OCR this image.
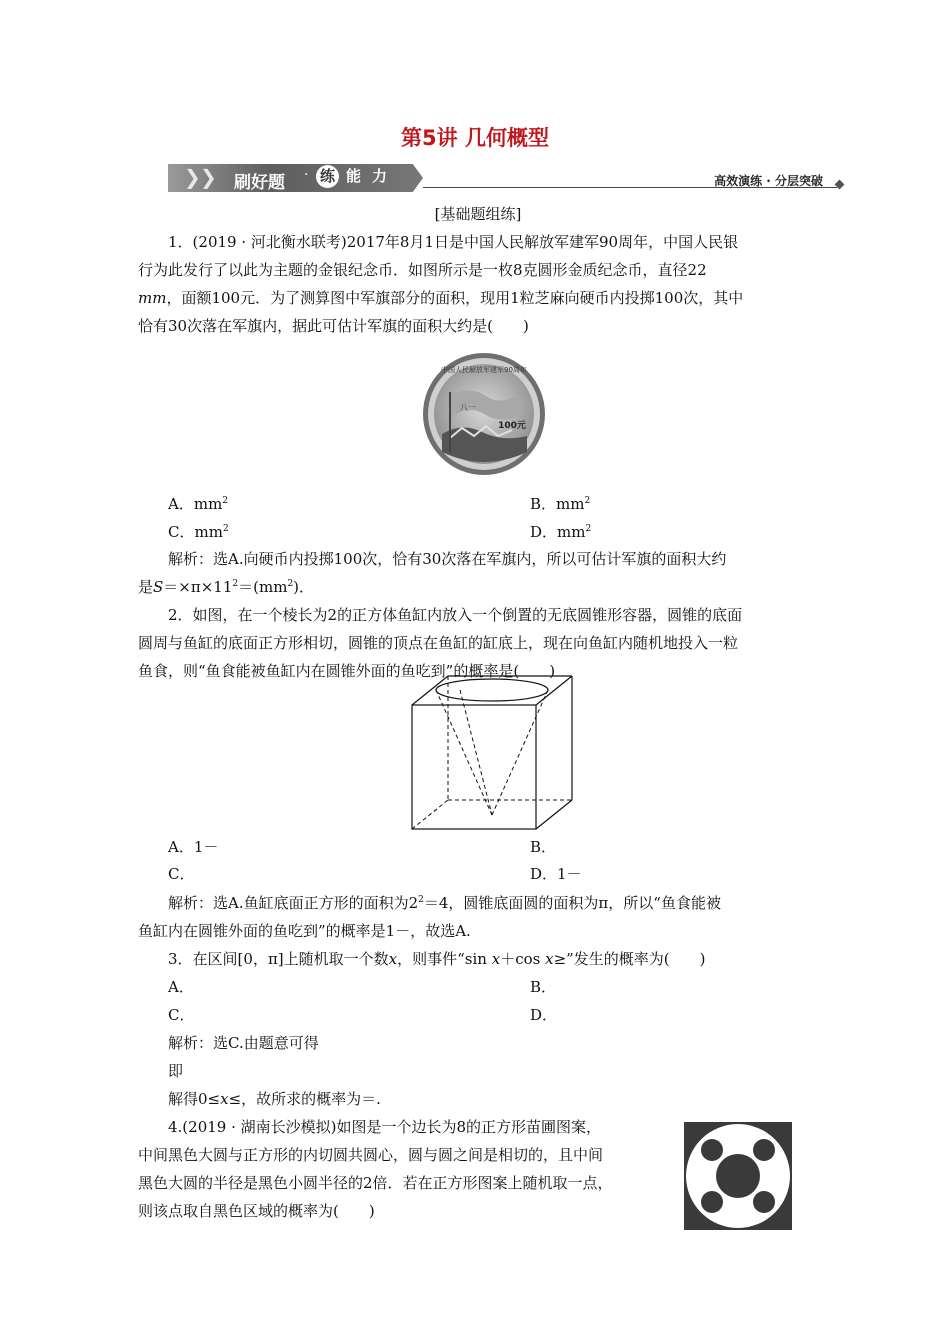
第5讲 几何概型
❯ ❯ 刷好题 · 练 能 力	高效演练 · 分层突破
[基础题组练]
1．(2019 · 河北衡水联考)2017年8月1日是中国人民解放军建军90周年，中国人民银
行为此发行了以此为主题的金银纪念币．如图所示是一枚8克圆形金质纪念币，直径22
mm，面额100元．为了测算图中军旗部分的面积，现用1粒芝麻向硬币内投掷100次，其中
恰有30次落在军旗内，据此可估计军旗的面积大约是(　　)
中国人民解放军建军90周年
八一
100元
A．$mm^2$	B．$mm^2$
C．$mm^2$	D．$mm^2$
解析：选A.向硬币内投掷100次，恰有30次落在军旗内，所以可估计军旗的面积大约
是$S=\times\pi\times 11^2=(mm^2)$．
2．如图，在一个棱长为2的正方体鱼缸内放入一个倒置的无底圆锥形容器，圆锥的底面
圆周与鱼缸的底面正方形相切，圆锥的顶点在鱼缸的缸底上，现在向鱼缸内随机地投入一粒
鱼食，则“鱼食能被鱼缸内在圆锥外面的鱼吃到”的概率是(　　)
A．1－	B．
C．	D．1－
解析：选A.鱼缸底面正方形的面积为$2^2=4$，圆锥底面圆的面积为π，所以“鱼食能被
鱼缸内在圆锥外面的鱼吃到”的概率是1－，故选A.
3．在区间[0，π]上随机取一个数x，则事件“sin x＋cos x≥”发生的概率为(　　)
A．	B．
C．	D．
解析：选C.由题意可得
即
解得0≤x≤，故所求的概率为＝.
4.(2019 · 湖南长沙模拟)如图是一个边长为8的正方形苗圃图案，
中间黑色大圆与正方形的内切圆共圆心，圆与圆之间是相切的，且中间
黑色大圆的半径是黑色小圆半径的2倍．若在正方形图案上随机取一点，
则该点取自黑色区域的概率为(　　)
